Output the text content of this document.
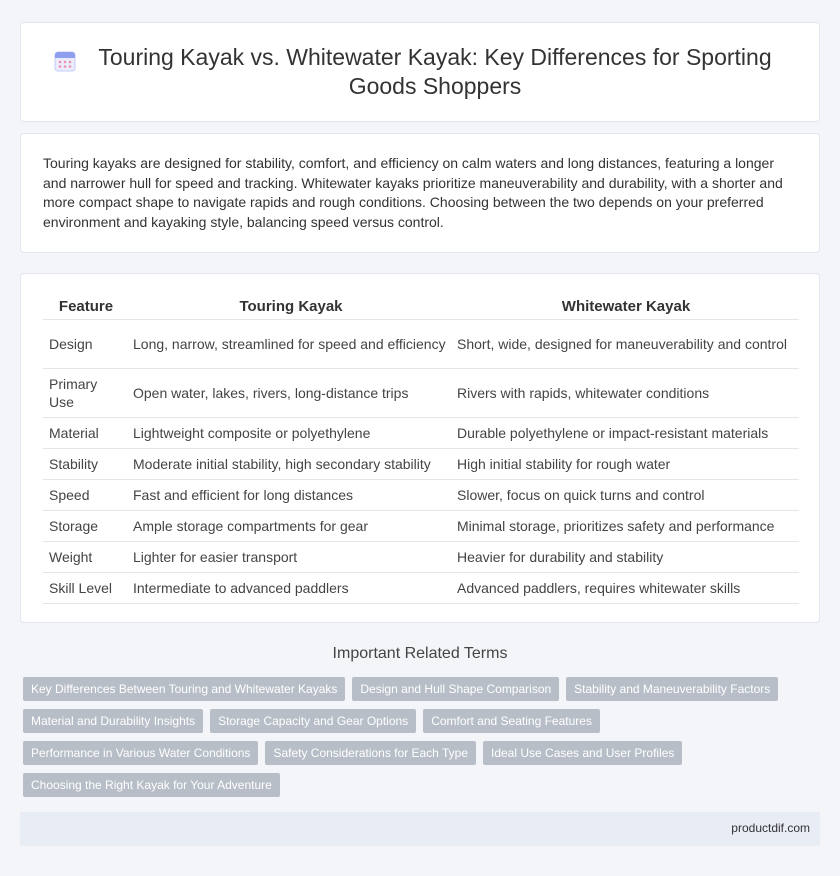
Touring Kayak vs. Whitewater Kayak: Key Differences for Sporting Goods Shoppers

Touring kayaks are designed for stability, comfort, and efficiency on calm waters and long distances, featuring a longer and narrower hull for speed and tracking. Whitewater kayaks prioritize maneuverability and durability, with a shorter and more compact shape to navigate rapids and rough conditions. Choosing between the two depends on your preferred environment and kayaking style, balancing speed versus control.

Feature	Touring Kayak	Whitewater Kayak
Design	Long, narrow, streamlined for speed and efficiency	Short, wide, designed for maneuverability and control
Primary Use	Open water, lakes, rivers, long-distance trips	Rivers with rapids, whitewater conditions
Material	Lightweight composite or polyethylene	Durable polyethylene or impact-resistant materials
Stability	Moderate initial stability, high secondary stability	High initial stability for rough water
Speed	Fast and efficient for long distances	Slower, focus on quick turns and control
Storage	Ample storage compartments for gear	Minimal storage, prioritizes safety and performance
Weight	Lighter for easier transport	Heavier for durability and stability
Skill Level	Intermediate to advanced paddlers	Advanced paddlers, requires whitewater skills
Important Related Terms
Key Differences Between Touring and Whitewater Kayaks	Design and Hull Shape Comparison	Stability and Maneuverability Factors
Material and Durability Insights	Storage Capacity and Gear Options	Comfort and Seating Features
Performance in Various Water Conditions	Safety Considerations for Each Type	Ideal Use Cases and User Profiles
Choosing the Right Kayak for Your Adventure
productdif.com
